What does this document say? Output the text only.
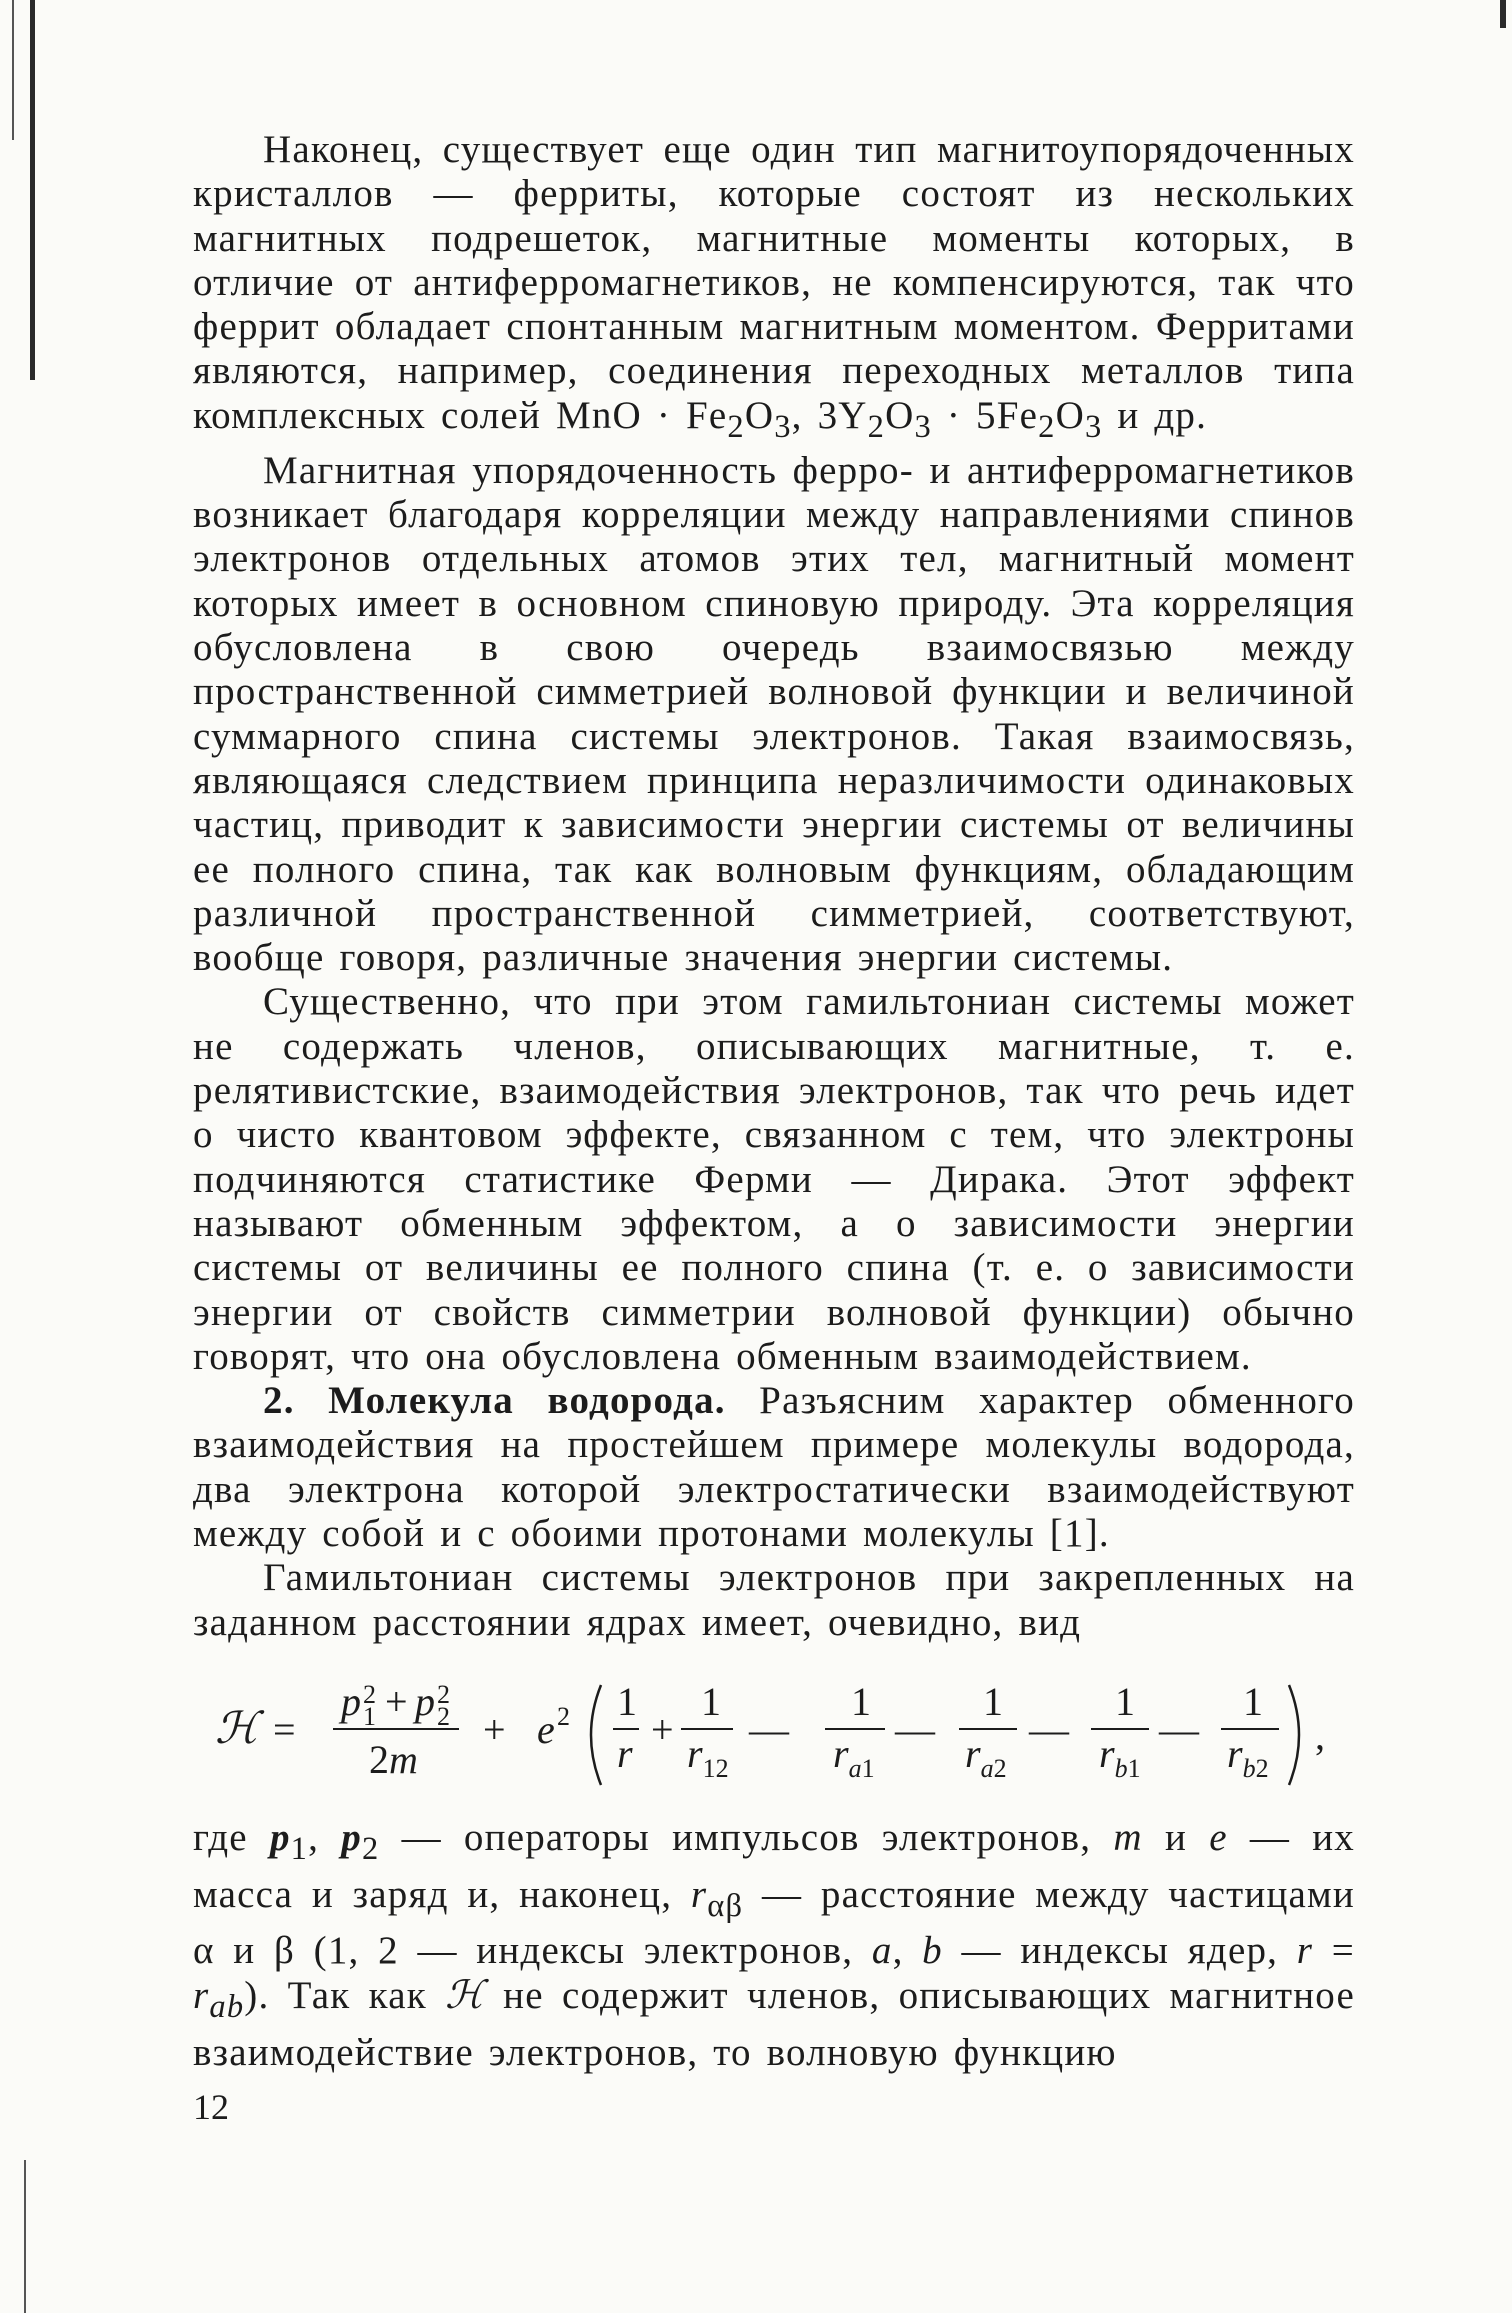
Наконец, существует еще один тип магнитоупорядоченных кристаллов — ферриты, которые состоят из нескольких магнитных подрешеток, магнитные моменты которых, в отличие от антиферромагнетиков, не компенсируются, так что феррит обладает спонтанным магнитным моментом. Ферритами являются, например, соединения переходных металлов типа комплексных солей MnO · $Fe_2O_3$, $3Y_2O_3 \cdot 5Fe_2O_3$ и др.

Магнитная упорядоченность ферро- и антиферромагнетиков возникает благодаря корреляции между направлениями спинов электронов отдельных атомов этих тел, магнитный момент которых имеет в основном спиновую природу. Эта корреляция обусловлена в свою очередь взаимосвязью между пространственной симметрией волновой функции и величиной суммарного спина системы электронов. Такая взаимосвязь, являющаяся следствием принципа неразличимости одинаковых частиц, приводит к зависимости энергии системы от величины ее полного спина, так как волновым функциям, обладающим различной пространственной симметрией, соответствуют, вообще говоря, различные значения энергии системы.

Существенно, что при этом гамильтониан системы может не содержать членов, описывающих магнитные, т. е. релятивистские, взаимодействия электронов, так что речь идет о чисто квантовом эффекте, связанном с тем, что электроны подчиняются статистике Ферми — Дирака. Этот эффект называют обменным эффектом, а о зависимости энергии системы от величины ее полного спина (т. е. о зависимости энергии от свойств симметрии волновой функции) обычно говорят, что она обусловлена обменным взаимодействием.

2. Молекула водорода. Разъясним характер обменного взаимодействия на простейшем примере молекулы водорода, два электрона которой электростатически взаимодействуют между собой и с обоими протонами молекулы [1].

Гамильтониан системы электронов при закрепленных на заданном расстоянии ядрах имеет, очевидно, вид

ℋ =
p 2
1 + p 2
2
2m
+ e 2 1
r
+
1
$r_{12}$
—
1
$r_a1$
—
1
$r_a2$
—
1
$r_b1$
—
1
$r_b2$
,

где $p_1$, $p_2$ — операторы импульсов электронов, m и e — их масса и заряд и, наконец, $r_{\alpha\beta}$ — расстояние между частицами α и β (1, 2 — индексы электронов, a, b — индексы ядер, $r = r_{ab}$). Так как ℋ не содержит членов, описывающих магнитное взаимодействие электронов, то волновую функцию

12
